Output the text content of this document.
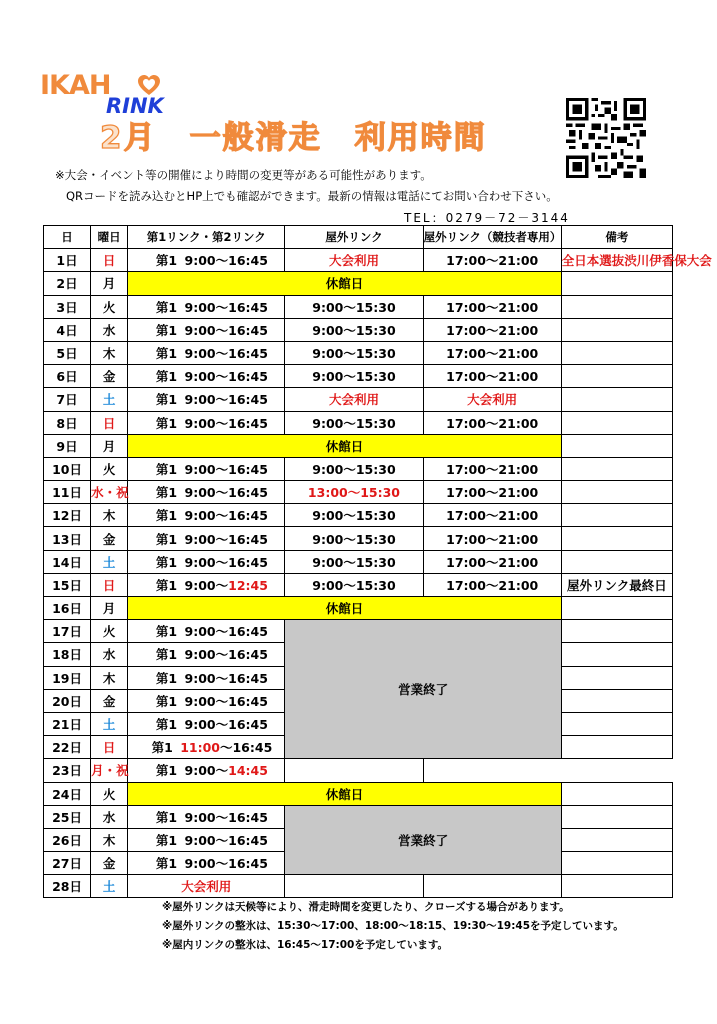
IKAH
RINK
2月　一般滑走　利用時間
※大会・イベント等の開催により時間の変更等がある可能性があります。
QRコードを読み込むとHP上でも確認ができます。最新の情報は電話にてお問い合わせ下さい。
TEL：0279－72－3144
日	曜日	第1リンク・第2リンク	屋外リンク	屋外リンク（競技者専用）	備考
1日	日	第1 9:00～16:45	大会利用	17:00～21:00	全日本選抜渋川伊香保大会
2日	月	休館日			
3日	火	第1 9:00～16:45	9:00～15:30	17:00～21:00	
4日	水	第1 9:00～16:45	9:00～15:30	17:00～21:00	
5日	木	第1 9:00～16:45	9:00～15:30	17:00～21:00	
6日	金	第1 9:00～16:45	9:00～15:30	17:00～21:00	
7日	土	第1 9:00～16:45	大会利用	大会利用	
8日	日	第1 9:00～16:45	9:00～15:30	17:00～21:00	
9日	月	休館日			
10日	火	第1 9:00～16:45	9:00～15:30	17:00～21:00	
11日	水・祝	第1 9:00～16:45	13:00～15:30	17:00～21:00	
12日	木	第1 9:00～16:45	9:00～15:30	17:00～21:00	
13日	金	第1 9:00～16:45	9:00～15:30	17:00～21:00	
14日	土	第1 9:00～16:45	9:00～15:30	17:00～21:00	
15日	日	第1 9:00～12:45	9:00～15:30	17:00～21:00	屋外リンク最終日
16日	月	休館日			
17日	火	第1 9:00～16:45	営業終了		
18日	水	第1 9:00～16:45			
19日	木	第1 9:00～16:45			
20日	金	第1 9:00～16:45			
21日	土	第1 9:00～16:45			
22日	日	第1 11:00～16:45			
23日	月・祝	第1 9:00～14:45			
24日	火	休館日			
25日	水	第1 9:00～16:45	営業終了		
26日	木	第1 9:00～16:45			
27日	金	第1 9:00～16:45			
28日	土	大会利用			
※屋外リンクは天候等により、滑走時間を変更したり、クローズする場合があります。
※屋外リンクの整氷は、15:30～17:00、18:00～18:15、19:30～19:45を予定しています。
※屋内リンクの整氷は、16:45～17:00を予定しています。
